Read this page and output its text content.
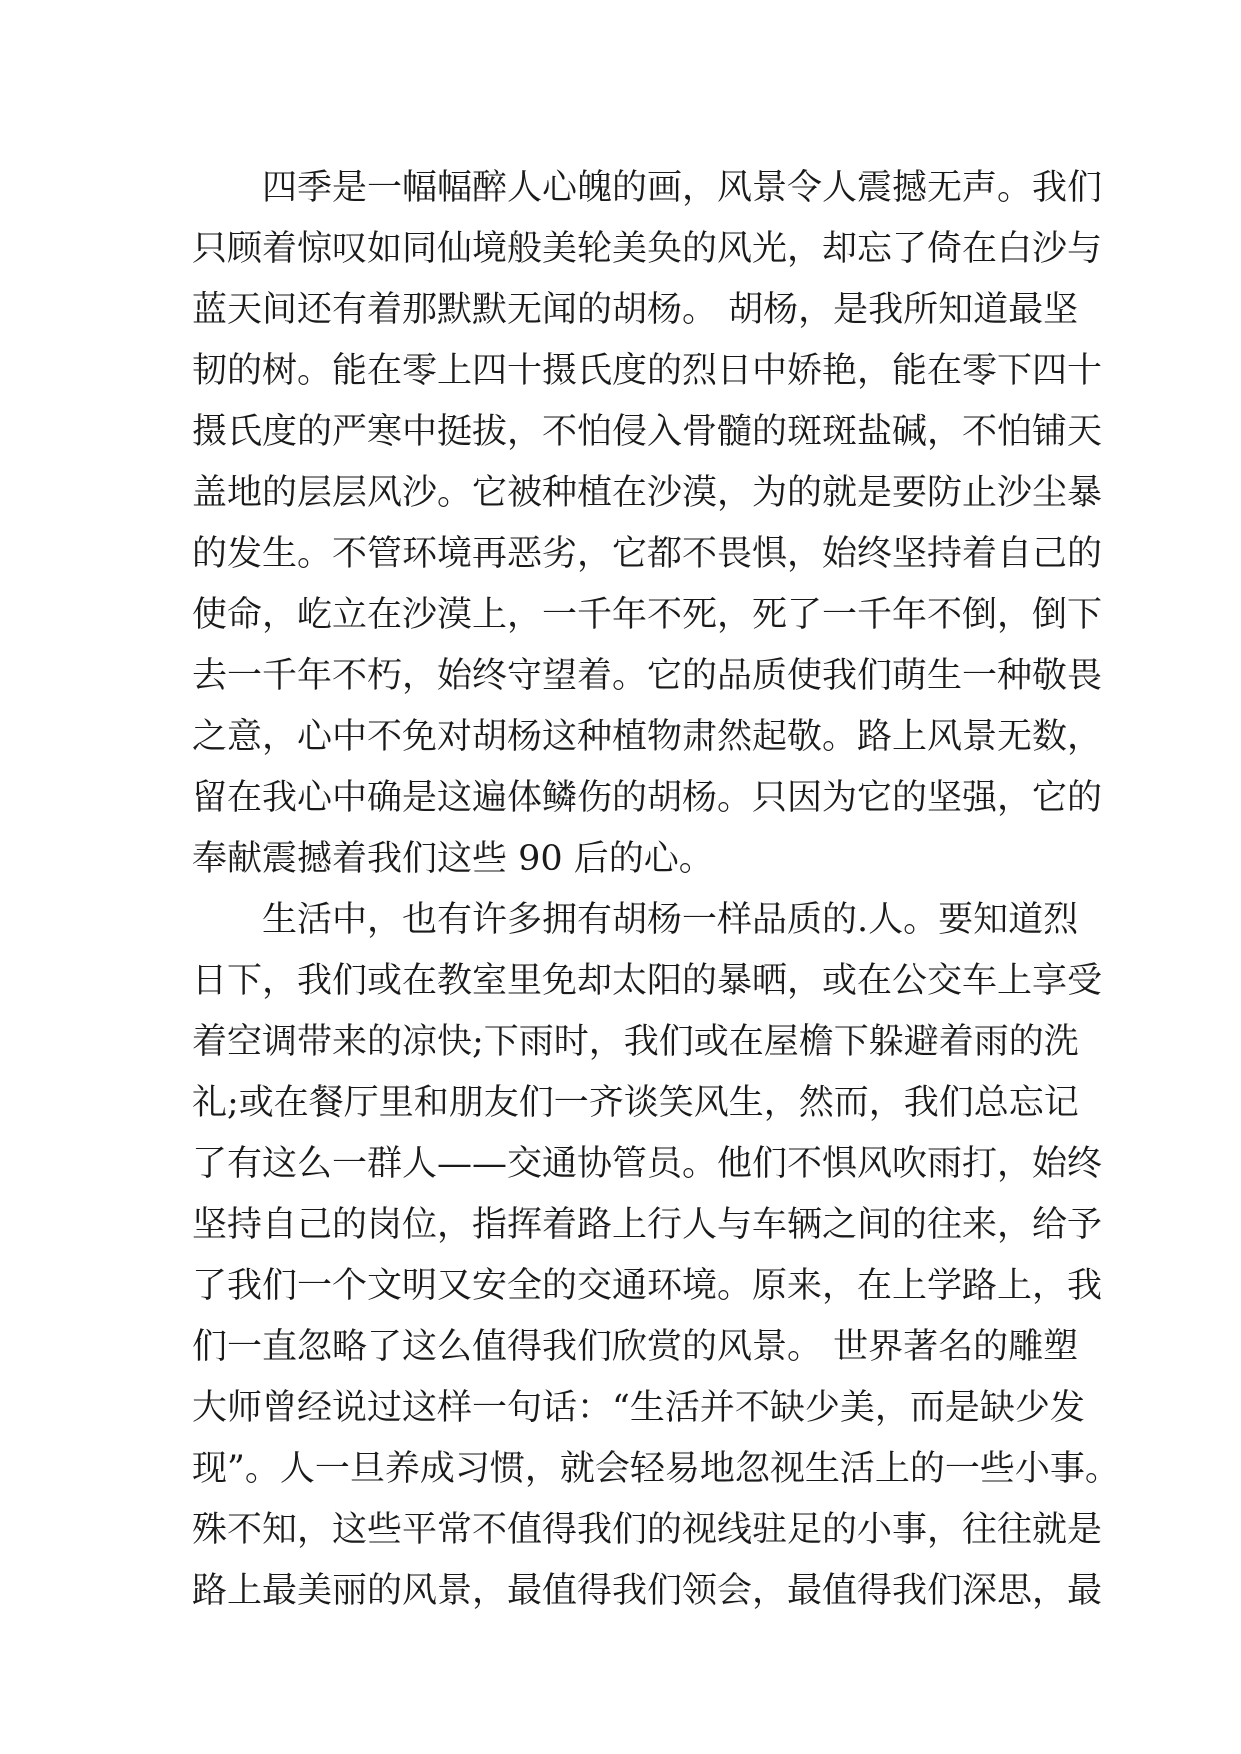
四季是一幅幅醉人心魄的画，风景令人震撼无声。我们
只顾着惊叹如同仙境般美轮美奂的风光，却忘了倚在白沙与
蓝天间还有着那默默无闻的胡杨。 胡杨，是我所知道最坚
韧的树。能在零上四十摄氏度的烈日中娇艳，能在零下四十
摄氏度的严寒中挺拔，不怕侵入骨髓的斑斑盐碱，不怕铺天
盖地的层层风沙。它被种植在沙漠，为的就是要防止沙尘暴
的发生。不管环境再恶劣，它都不畏惧，始终坚持着自己的
使命，屹立在沙漠上，一千年不死，死了一千年不倒，倒下
去一千年不朽，始终守望着。它的品质使我们萌生一种敬畏
之意，心中不免对胡杨这种植物肃然起敬。路上风景无数，
留在我心中确是这遍体鳞伤的胡杨。只因为它的坚强，它的
奉献震撼着我们这些 90 后的心。
生活中，也有许多拥有胡杨一样品质的.人。要知道烈
日下，我们或在教室里免却太阳的暴晒，或在公交车上享受
着空调带来的凉快;下雨时，我们或在屋檐下躲避着雨的洗
礼;或在餐厅里和朋友们一齐谈笑风生，然而，我们总忘记
了有这么一群人——交通协管员。他们不惧风吹雨打，始终
坚持自己的岗位，指挥着路上行人与车辆之间的往来，给予
了我们一个文明又安全的交通环境。原来，在上学路上，我
们一直忽略了这么值得我们欣赏的风景。 世界著名的雕塑
大师曾经说过这样一句话：“生活并不缺少美，而是缺少发
现”。人一旦养成习惯，就会轻易地忽视生活上的一些小事。
殊不知，这些平常不值得我们的视线驻足的小事，往往就是
路上最美丽的风景，最值得我们领会，最值得我们深思，最
